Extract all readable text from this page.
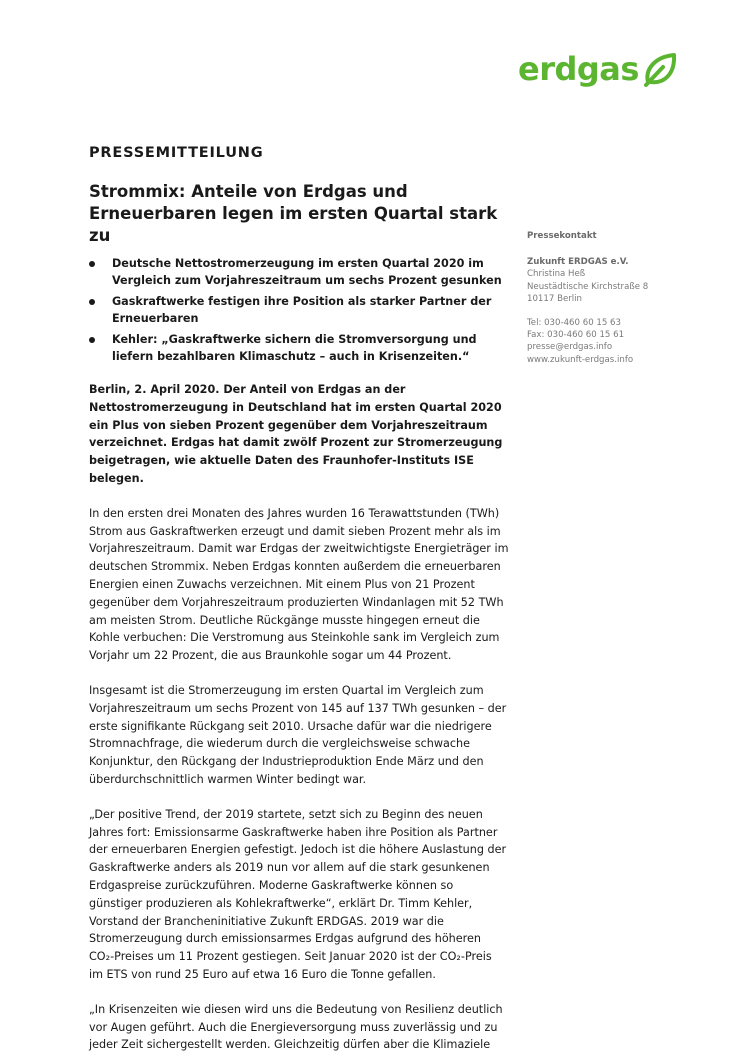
erdgas
PRESSEMITTEILUNG
Strommix: Anteile von Erdgas und Erneuerbaren legen im ersten Quartal stark zu
Deutsche Nettostromerzeugung im ersten Quartal 2020 im Vergleich zum Vorjahreszeitraum um sechs Prozent gesunken
Gaskraftwerke festigen ihre Position als starker Partner der Erneuerbaren
Kehler: „Gaskraftwerke sichern die Stromversorgung und liefern bezahlbaren Klimaschutz – auch in Krisenzeiten.“

Berlin, 2. April 2020. Der Anteil von Erdgas an der Nettostromerzeugung in Deutschland hat im ersten Quartal 2020 ein Plus von sieben Prozent gegenüber dem Vorjahreszeitraum verzeichnet. Erdgas hat damit zwölf Prozent zur Stromerzeugung beigetragen, wie aktuelle Daten des Fraunhofer-Instituts ISE belegen.

In den ersten drei Monaten des Jahres wurden 16 Terawattstunden (TWh) Strom aus Gaskraftwerken erzeugt und damit sieben Prozent mehr als im Vorjahreszeitraum. Damit war Erdgas der zweitwichtigste Energieträger im deutschen Strommix. Neben Erdgas konnten außerdem die erneuerbaren Energien einen Zuwachs verzeichnen. Mit einem Plus von 21 Prozent gegenüber dem Vorjahreszeitraum produzierten Windanlagen mit 52 TWh am meisten Strom. Deutliche Rückgänge musste hingegen erneut die Kohle verbuchen: Die Verstromung aus Steinkohle sank im Vergleich zum Vorjahr um 22 Prozent, die aus Braunkohle sogar um 44 Prozent.

Insgesamt ist die Stromerzeugung im ersten Quartal im Vergleich zum Vorjahreszeitraum um sechs Prozent von 145 auf 137 TWh gesunken – der erste signifikante Rückgang seit 2010. Ursache dafür war die niedrigere Stromnachfrage, die wiederum durch die vergleichsweise schwache Konjunktur, den Rückgang der Industrieproduktion Ende März und den überdurchschnittlich warmen Winter bedingt war.

„Der positive Trend, der 2019 startete, setzt sich zu Beginn des neuen Jahres fort: Emissionsarme Gaskraftwerke haben ihre Position als Partner der erneuerbaren Energien gefestigt. Jedoch ist die höhere Auslastung der Gaskraftwerke anders als 2019 nun vor allem auf die stark gesunkenen Erdgaspreise zurückzuführen. Moderne Gaskraftwerke können so günstiger produzieren als Kohlekraftwerke“, erklärt Dr. Timm Kehler, Vorstand der Brancheninitiative Zukunft ERDGAS. 2019 war die Stromerzeugung durch emissionsarmes Erdgas aufgrund des höheren CO₂-Preises um 11 Prozent gestiegen. Seit Januar 2020 ist der CO₂-Preis im ETS von rund 25 Euro auf etwa 16 Euro die Tonne gefallen.

„In Krisenzeiten wie diesen wird uns die Bedeutung von Resilienz deutlich vor Augen geführt. Auch die Energieversorgung muss zuverlässig und zu jeder Zeit sichergestellt werden. Gleichzeitig dürfen aber die Klimaziele

Pressekontakt
Zukunft ERDGAS e.V.
Christina Heß
Neustädtische Kirchstraße 8
10117 Berlin
Tel: 030-460 60 15 63
Fax: 030-460 60 15 61
presse@erdgas.info
www.zukunft-erdgas.info
